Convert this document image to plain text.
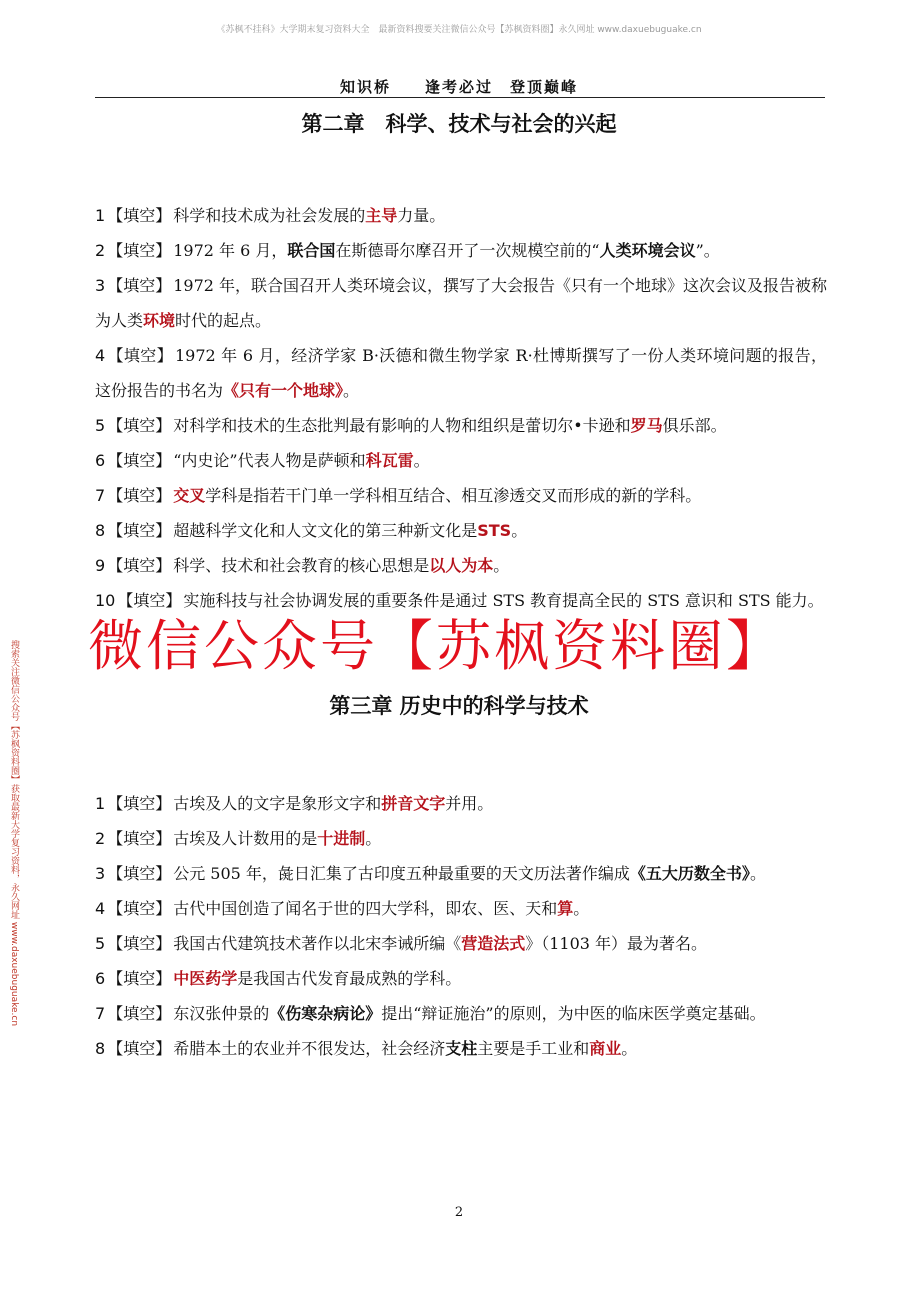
《苏枫不挂科》大学期末复习资料大全　最新资料搜要关注微信公众号【苏枫资料圈】永久网址 www.daxuebuguake.cn
知识桥　　逢考必过　登顶巅峰
第二章　科学、技术与社会的兴起
1 【填空】 科学和技术成为社会发展的主导力量。
2 【填空】 1972 年 6 月，联合国在斯德哥尔摩召开了一次规模空前的“人类环境会议”。
3 【填空】 1972 年，联合国召开人类环境会议，撰写了大会报告《只有一个地球》这次会议及报告被称为人类环境时代的起点。
4 【填空】 1972 年 6 月，经济学家 B·沃德和微生物学家 R·杜博斯撰写了一份人类环境问题的报告，这份报告的书名为《只有一个地球》。
5 【填空】 对科学和技术的生态批判最有影响的人物和组织是蕾切尔•卡逊和罗马俱乐部。
6 【填空】 “内史论”代表人物是萨顿和科瓦雷。
7 【填空】 交叉学科是指若干门单一学科相互结合、相互渗透交叉而形成的新的学科。
8 【填空】 超越科学文化和人文文化的第三种新文化是STS。
9 【填空】 科学、技术和社会教育的核心思想是以人为本。
10 【填空】 实施科技与社会协调发展的重要条件是通过 STS 教育提高全民的 STS 意识和 STS 能力。
第三章 历史中的科学与技术
1 【填空】 古埃及人的文字是象形文字和拼音文字并用。
2 【填空】 古埃及人计数用的是十进制。
3 【填空】 公元 505 年，彘日汇集了古印度五种最重要的天文历法著作编成《五大历数全书》。
4 【填空】 古代中国创造了闻名于世的四大学科，即农、医、天和算。
5 【填空】 我国古代建筑技术著作以北宋李诫所编《营造法式》（1103 年）最为著名。
6 【填空】 中医药学是我国古代发育最成熟的学科。
7 【填空】 东汉张仲景的《伤寒杂病论》提出“辩证施治”的原则，为中医的临床医学奠定基础。
8 【填空】 希腊本土的农业并不很发达，社会经济支柱主要是手工业和商业。
微信公众号【苏枫资料圈】
搜索关注微信公众号【苏枫资料圈】获取最新大学复习资料，永久网址 www.daxuebuguake.cn
2
